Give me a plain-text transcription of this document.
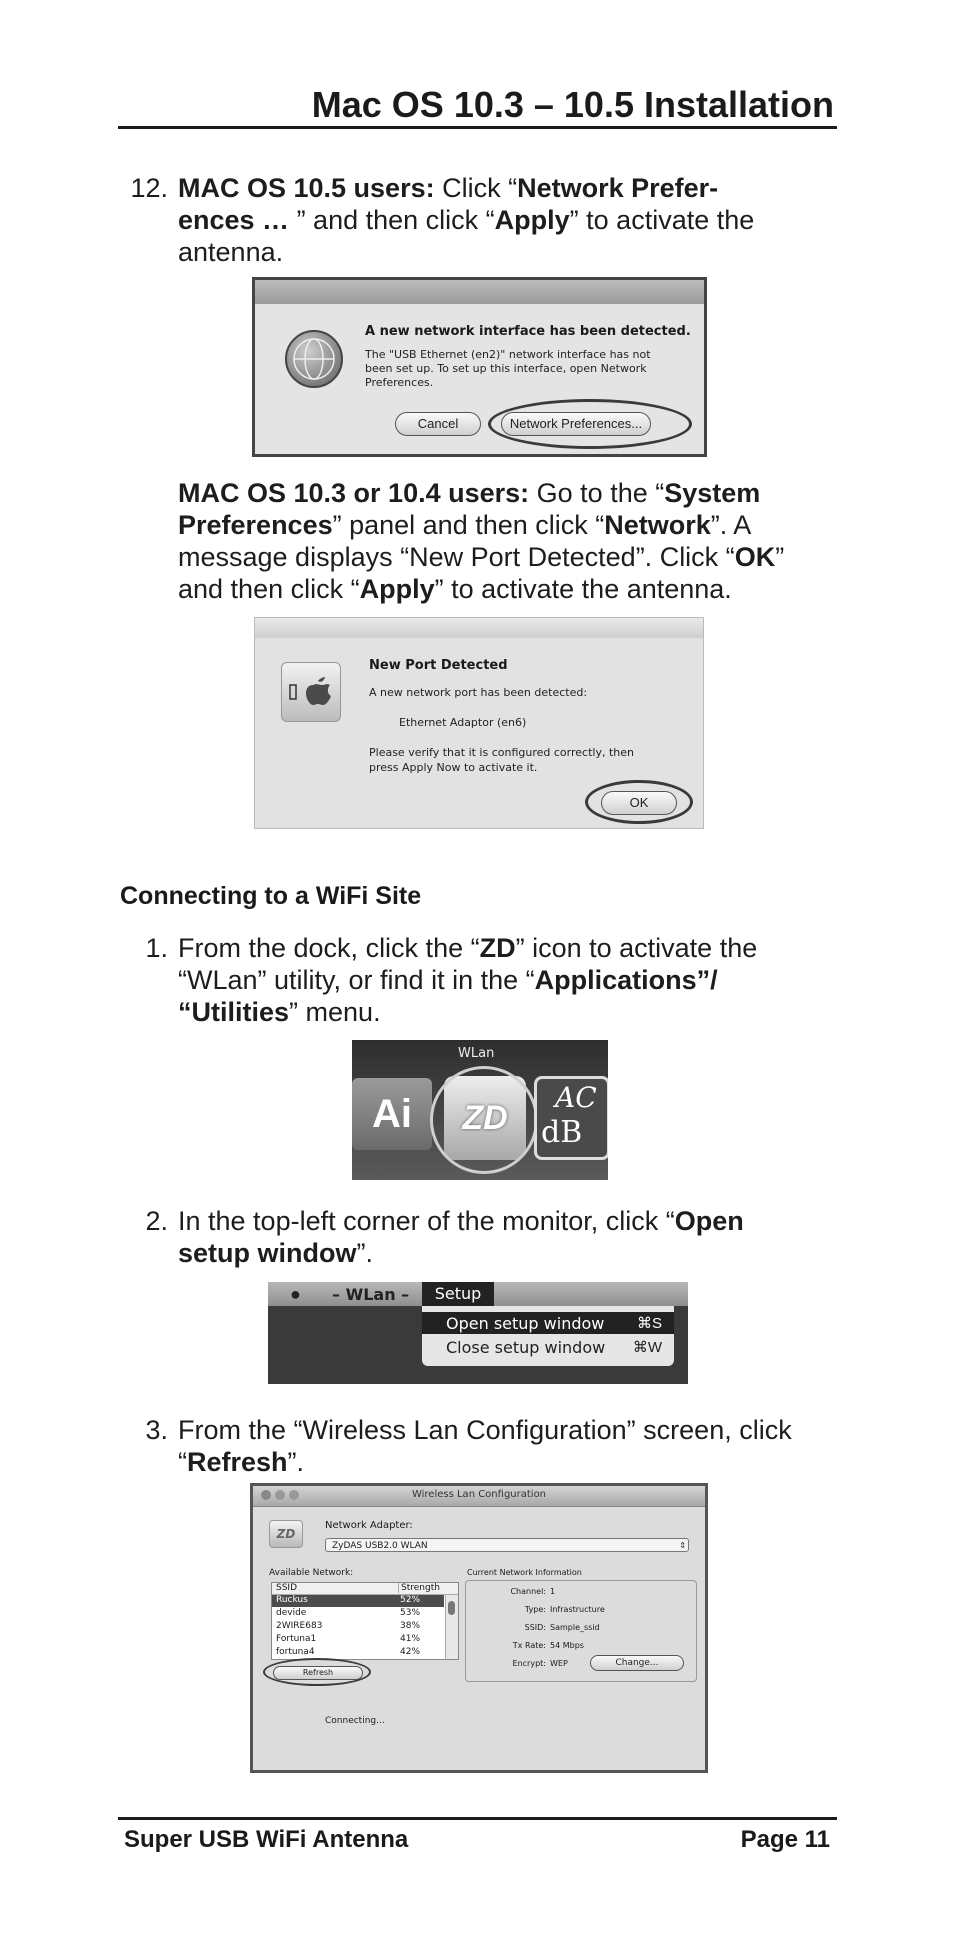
Mac OS 10.3 – 10.5 Installation
12. MAC OS 10.5 users: Click “Network Prefer-
ences … ” and then click “Apply” to activate the
antenna.
A new network interface has been detected.
The "USB Ethernet (en2)" network interface has not been set up. To set up this interface, open Network Preferences.
Cancel	Network Preferences...
MAC OS 10.3 or 10.4 users: Go to the “System
Preferences” panel and then click “Network”. A
message displays “New Port Detected”. Click “OK”
and then click “Apply” to activate the antenna.
New Port Detected
A new network port has been detected:
Ethernet Adaptor (en6)
Please verify that it is configured correctly, then
press Apply Now to activate it.
OK
Connecting to a WiFi Site
1. From the dock, click the “ZD” icon to activate the
“WLan” utility, or find it in the “Applications”/
“Utilities” menu.
WLan
Ai	ZD
AC
dB
2. In the top-left corner of the monitor, click “Open
setup window”.
● – WLan –	Setup
Open setup window ⌘S
Close setup window ⌘W
3. From the “Wireless Lan Configuration” screen, click
“Refresh”.
Wireless Lan Configuration
ZD
Network Adapter:
ZyDAS USB2.0 WLAN	⇕
Available Network:
SSID	Strength
Ruckus	52%
devide	53%
2WIRE683	38%
Fortuna1	41%
fortuna4	42%
Current Network Information
Channel: 1
Type: Infrastructure
SSID: Sample_ssid
Tx Rate: 54 Mbps
Encrypt: WEP	Change...
Refresh
Connecting...
Super USB WiFi Antenna	Page 11
